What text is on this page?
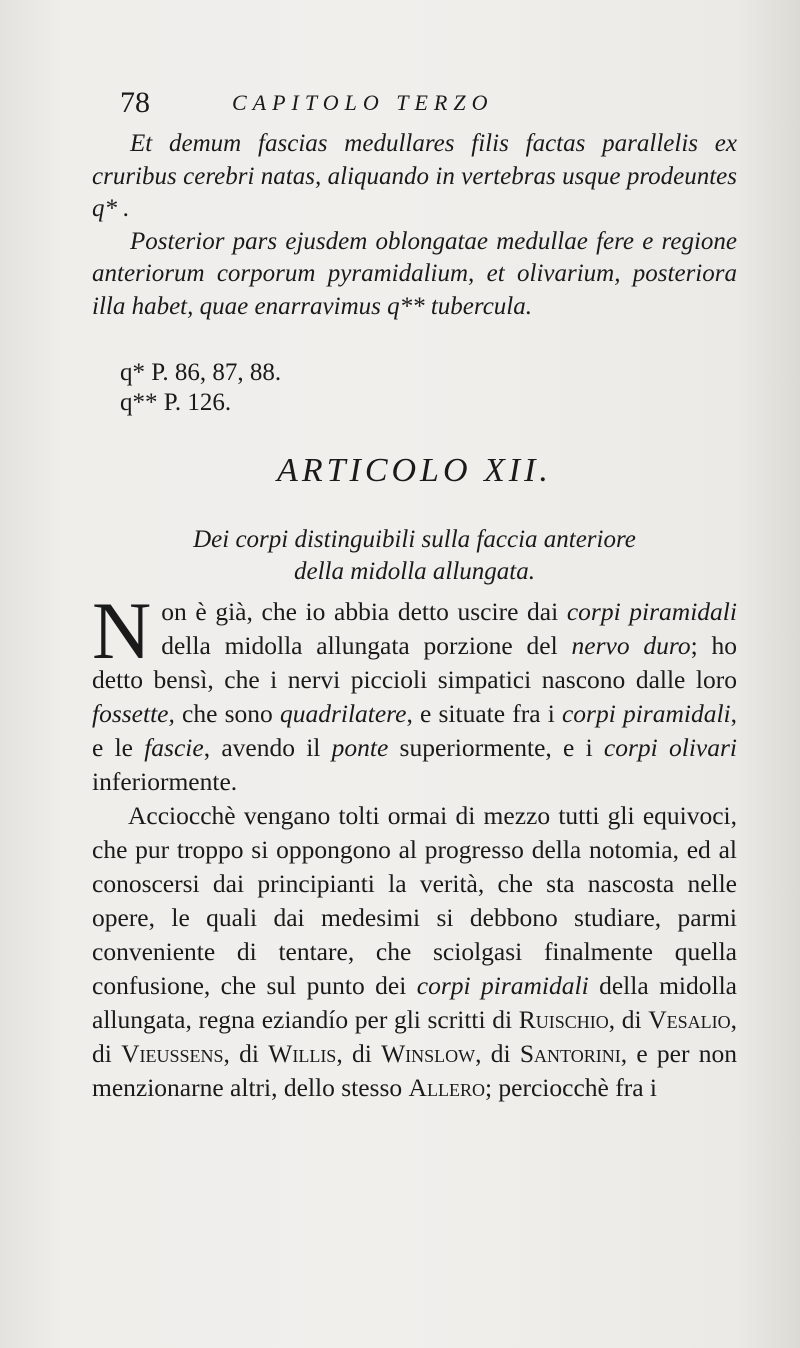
78	CAPITOLO TERZO

Et demum fascias medullares filis factas parallelis ex cruribus cerebri natas, aliquando in vertebras usque prodeuntes q* .

Posterior pars ejusdem oblongatae medullae fere e regione anteriorum corporum pyramidalium, et olivarium, posteriora illa habet, quae enarravimus q** tubercula.

q* P. 86, 87, 88.
q** P. 126.
ARTICOLO XII.
Dei corpi distinguibili sulla faccia anteriore
della midolla allungata.

Non è già, che io abbia detto uscire dai corpi piramidali della midolla allungata porzione del nervo duro; ho detto bensì, che i nervi piccioli simpatici nascono dalle loro fossette, che sono quadrilatere, e situate fra i corpi piramidali, e le fascie, avendo il ponte superiormente, e i corpi olivari inferiormente.

Acciocchè vengano tolti ormai di mezzo tutti gli equivoci, che pur troppo si oppongono al progresso della notomia, ed al conoscersi dai principianti la verità, che sta nascosta nelle opere, le quali dai medesimi si debbono studiare, parmi conveniente di tentare, che sciolgasi finalmente quella confusione, che sul punto dei corpi piramidali della midolla allungata, regna eziandío per gli scritti di Ruischio, di Vesalio, di Vieussens, di Willis, di Winslow, di Santorini, e per non menzionarne altri, dello stesso Allero; perciocchè fra i
